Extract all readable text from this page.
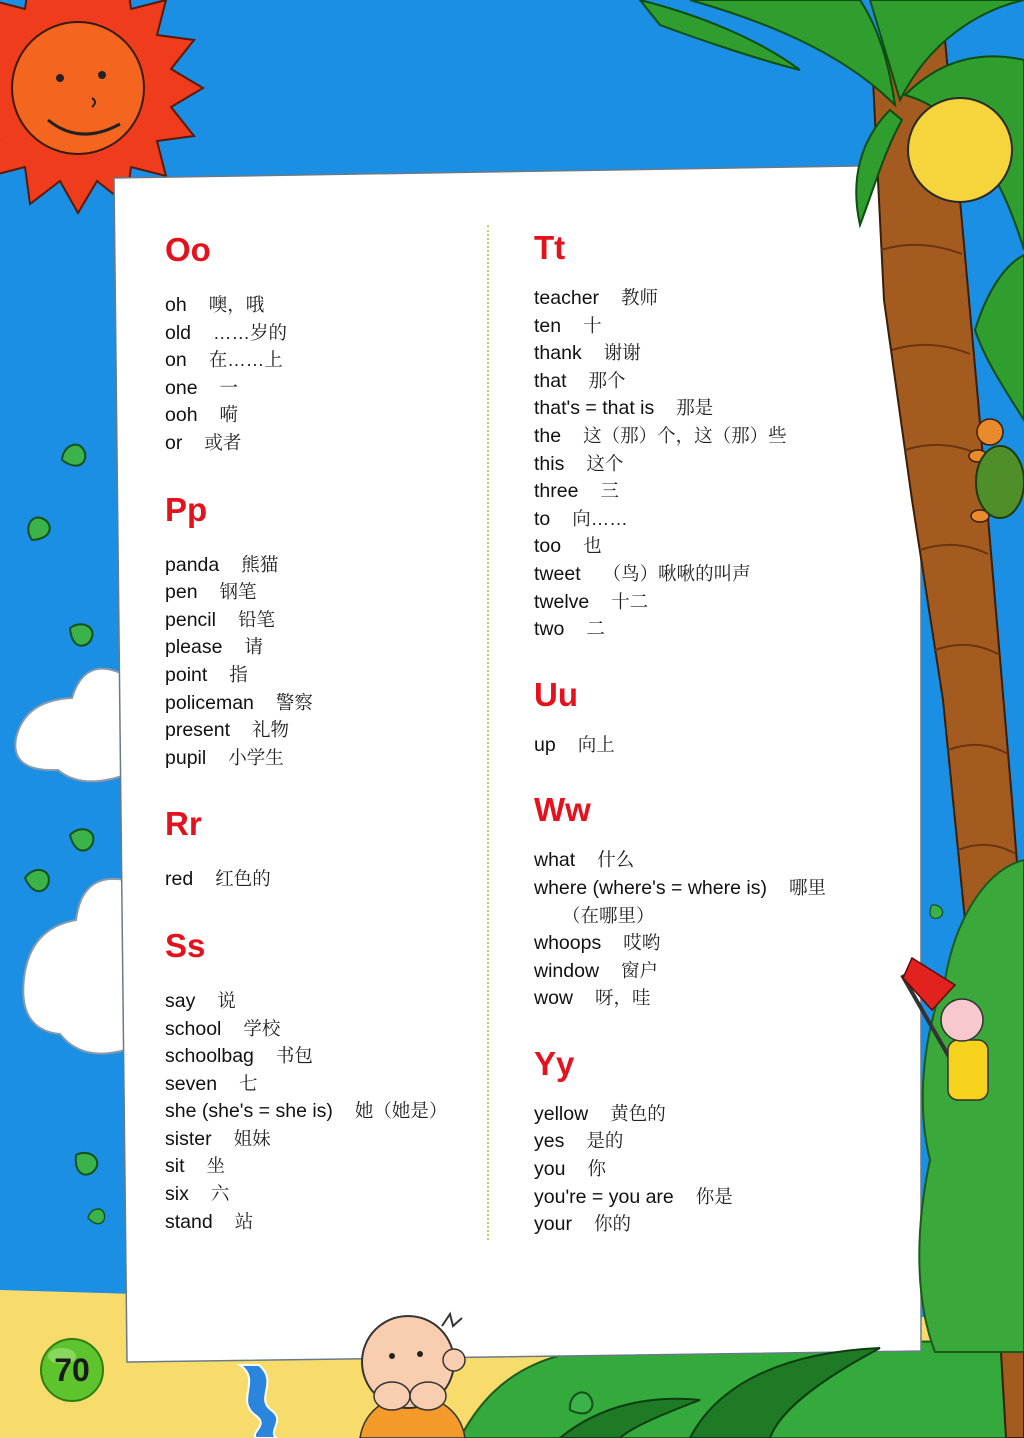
Oo
oh 噢，哦
old ……岁的
on 在……上
one 一
ooh 嗬
or 或者
Pp
panda 熊猫
pen 钢笔
pencil 铅笔
please 请
point 指
policeman 警察
present 礼物
pupil 小学生
Rr
red 红色的
Ss
say 说
school 学校
schoolbag 书包
seven 七
she (she's = she is) 她（她是）
sister 姐妹
sit 坐
six 六
stand 站
Tt
teacher 教师
ten 十
thank 谢谢
that 那个
that's = that is 那是
the 这（那）个，这（那）些
this 这个
three 三
to 向……
too 也
tweet （鸟）啾啾的叫声
twelve 十二
two 二
Uu
up 向上
Ww
what 什么
where (where's = where is) 哪里
（在哪里）
whoops 哎哟
window 窗户
wow 呀，哇
Yy
yellow 黄色的
yes 是的
you 你
you're = you are 你是
your 你的
70
